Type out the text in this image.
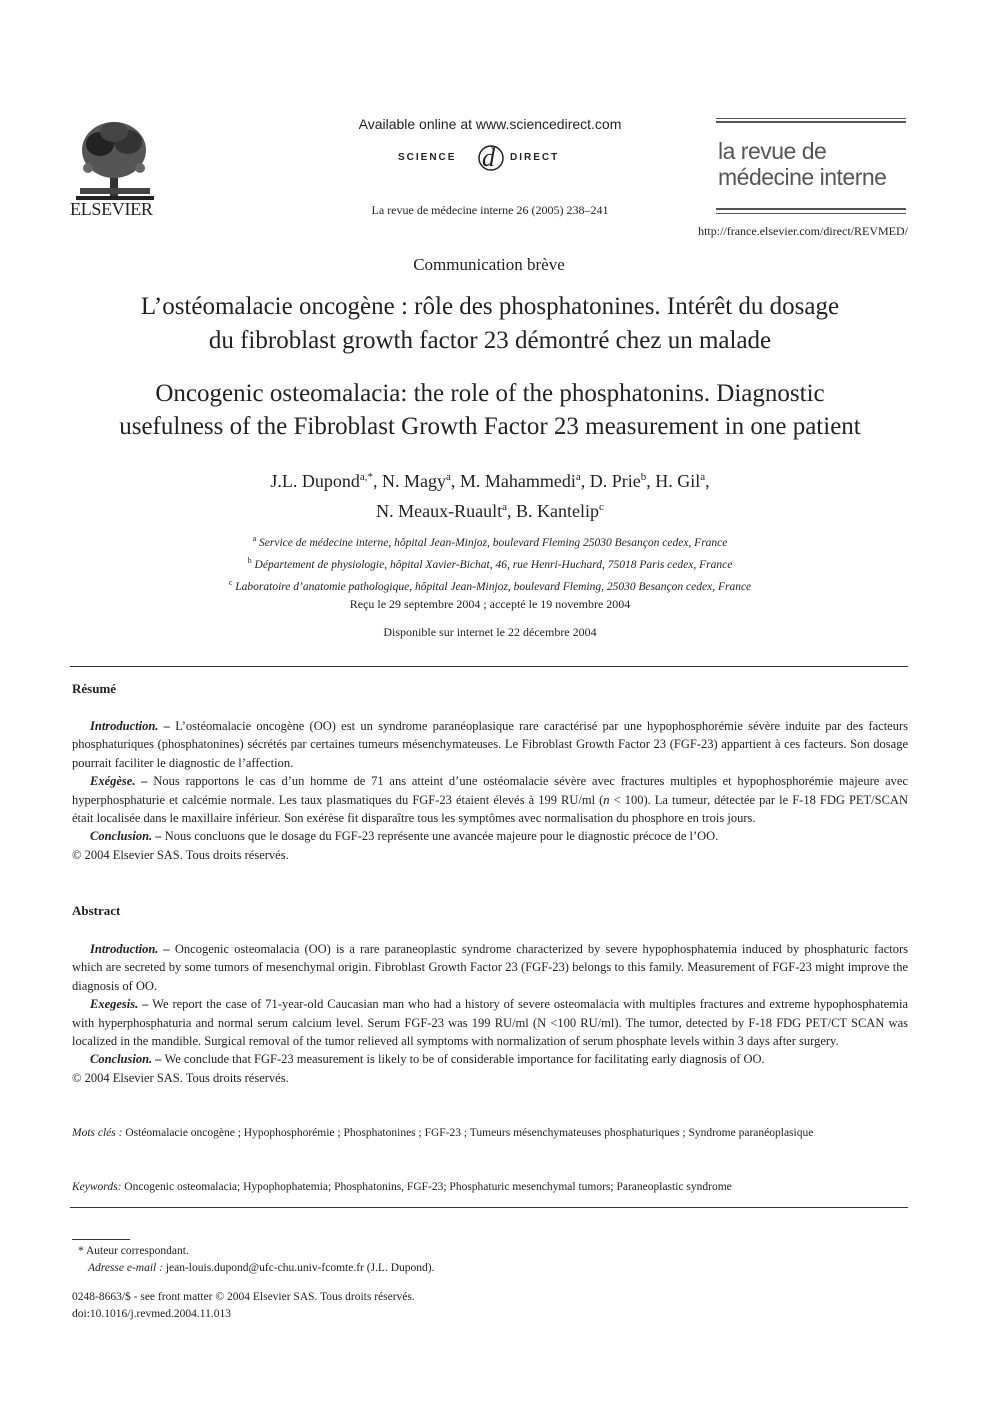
ELSEVIER
Available online at www.sciencedirect.com
SCIENCE d DIRECT
La revue de médecine interne 26 (2005) 238–241
la revue de
médecine interne
http://france.elsevier.com/direct/REVMED/
Communication brève
L’ostéomalacie oncogène : rôle des phosphatonines. Intérêt du dosage
du fibroblast growth factor 23 démontré chez un malade
Oncogenic osteomalacia: the role of the phosphatonins. Diagnostic
usefulness of the Fibroblast Growth Factor 23 measurement in one patient
J.L. Dupond$^{a,*}$, N. Magy$^a$, M. Mahammedi$^a$, D. Prie$^b$, H. Gil$^a$,
N. Meaux-Ruault$^a$, B. Kantelip$^c$
$^a$ Service de médecine interne, hôpital Jean-Minjoz, boulevard Fleming 25030 Besançon cedex, France
$^b$ Département de physiologie, hôpital Xavier-Bichat, 46, rue Henri-Huchard, 75018 Paris cedex, France
$^c$ Laboratoire d’anatomie pathologique, hôpital Jean-Minjoz, boulevard Fleming, 25030 Besançon cedex, France
Reçu le 29 septembre 2004 ; accepté le 19 novembre 2004
Disponible sur internet le 22 décembre 2004
Résumé

Introduction. – L’ostéomalacie oncogène (OO) est un syndrome paranéoplasique rare caractérisé par une hypophosphorémie sévère induite par des facteurs phosphaturiques (phosphatonines) sécrétés par certaines tumeurs mésenchymateuses. Le Fibroblast Growth Factor 23 (FGF-23) appartient à ces facteurs. Son dosage pourrait faciliter le diagnostic de l’affection.

Exégèse. – Nous rapportons le cas d’un homme de 71 ans atteint d’une ostéomalacie sévère avec fractures multiples et hypophosphorémie majeure avec hyperphosphaturie et calcémie normale. Les taux plasmatiques du FGF-23 étaient élevés à 199 RU/ml (n < 100). La tumeur, détectée par le F-18 FDG PET/SCAN était localisée dans le maxillaire inférieur. Son exérèse fit disparaître tous les symptômes avec normalisation du phosphore en trois jours.

Conclusion. – Nous concluons que le dosage du FGF-23 représente une avancée majeure pour le diagnostic précoce de l’OO.

© 2004 Elsevier SAS. Tous droits réservés.

Abstract

Introduction. – Oncogenic osteomalacia (OO) is a rare paraneoplastic syndrome characterized by severe hypophosphatemia induced by phosphaturic factors which are secreted by some tumors of mesenchymal origin. Fibroblast Growth Factor 23 (FGF-23) belongs to this family. Measurement of FGF-23 might improve the diagnosis of OO.

Exegesis. – We report the case of 71-year-old Caucasian man who had a history of severe osteomalacia with multiples fractures and extreme hypophosphatemia with hyperphosphaturia and normal serum calcium level. Serum FGF-23 was 199 RU/ml (N <100 RU/ml). The tumor, detected by F-18 FDG PET/CT SCAN was localized in the mandible. Surgical removal of the tumor relieved all symptoms with normalization of serum phosphate levels within 3 days after surgery.

Conclusion. – We conclude that FGF-23 measurement is likely to be of considerable importance for facilitating early diagnosis of OO.

© 2004 Elsevier SAS. Tous droits réservés.

Mots clés : Ostéomalacie oncogène ; Hypophosphorémie ; Phosphatonines ; FGF-23 ; Tumeurs mésenchymateuses phosphaturiques ; Syndrome paranéoplasique
Keywords: Oncogenic osteomalacia; Hypophophatemia; Phosphatonins, FGF-23; Phosphaturic mesenchymal tumors; Paraneoplastic syndrome
* Auteur correspondant.
Adresse e-mail : jean-louis.dupond@ufc-chu.univ-fcomte.fr (J.L. Dupond).
0248-8663/$ - see front matter © 2004 Elsevier SAS. Tous droits réservés.
doi:10.1016/j.revmed.2004.11.013
